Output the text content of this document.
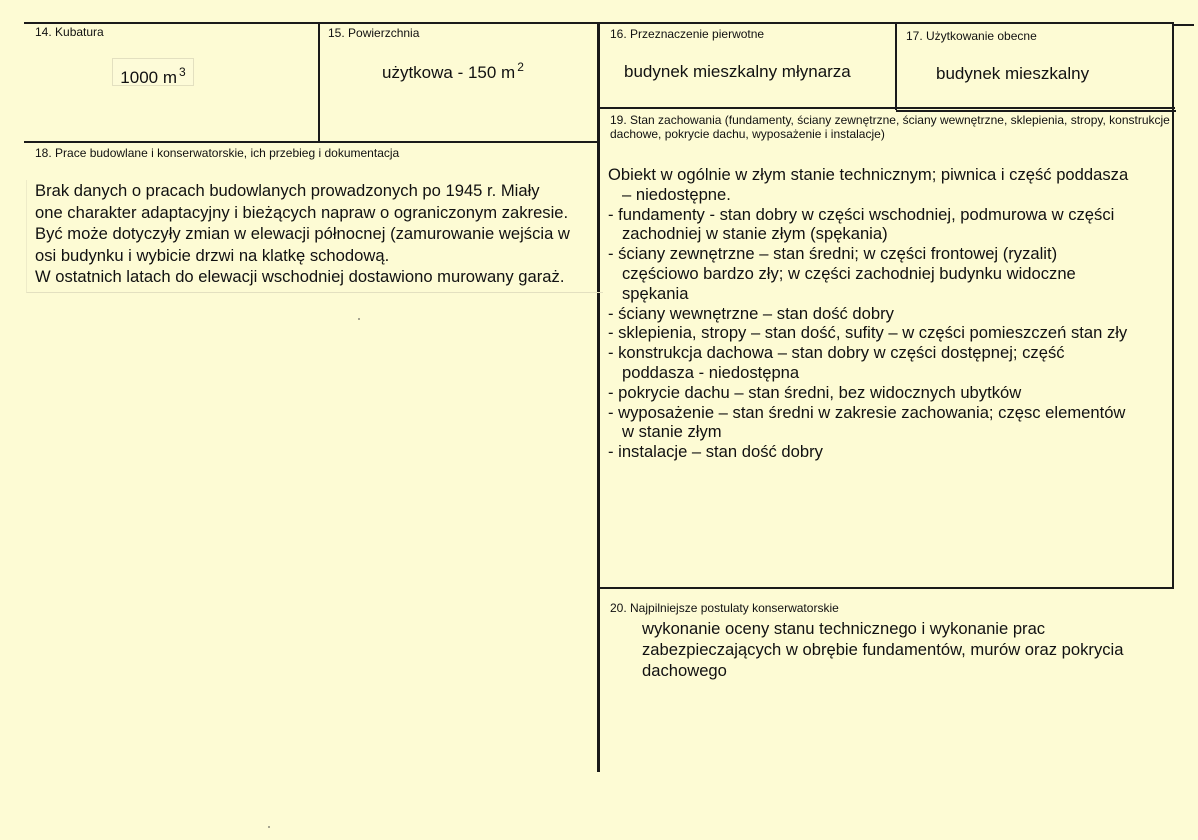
14. Kubatura
1000 m $^3$
15. Powierzchnia
użytkowa - 150 m $^2$
16. Przeznaczenie pierwotne
budynek mieszkalny młynarza
17. Użytkowanie obecne
budynek mieszkalny
19. Stan zachowania (fundamenty, ściany zewnętrzne, ściany wewnętrzne, sklepienia, stropy, konstrukcje dachowe, pokrycie dachu, wyposażenie i instalacje)
18. Prace budowlane i konserwatorskie, ich przebieg i dokumentacja
Brak danych o pracach budowlanych prowadzonych po 1945 r. Miały
one charakter adaptacyjny i bieżących napraw o ograniczonym zakresie.
Być może dotyczyły zmian w elewacji północnej (zamurowanie wejścia w
osi budynku i wybicie drzwi na klatkę schodową.
W ostatnich latach do elewacji wschodniej dostawiono murowany garaż.
Obiekt w ogólnie w złym stanie technicznym; piwnica i część poddasza
– niedostępne.
- fundamenty - stan dobry w części wschodniej, podmurowa w części
zachodniej w stanie złym (spękania)
- ściany zewnętrzne – stan średni; w części frontowej (ryzalit)
częściowo bardzo zły; w części zachodniej budynku widoczne
spękania
- ściany wewnętrzne – stan dość dobry
- sklepienia, stropy – stan dość, sufity – w części pomieszczeń stan zły
- konstrukcja dachowa – stan dobry w części dostępnej; część
poddasza - niedostępna
- pokrycie dachu – stan średni, bez widocznych ubytków
- wyposażenie – stan średni w zakresie zachowania; częsc elementów
w stanie złym
- instalacje – stan dość dobry
20. Najpilniejsze postulaty konserwatorskie
wykonanie oceny stanu technicznego i wykonanie prac
zabezpieczających w obrębie fundamentów, murów oraz pokrycia
dachowego
